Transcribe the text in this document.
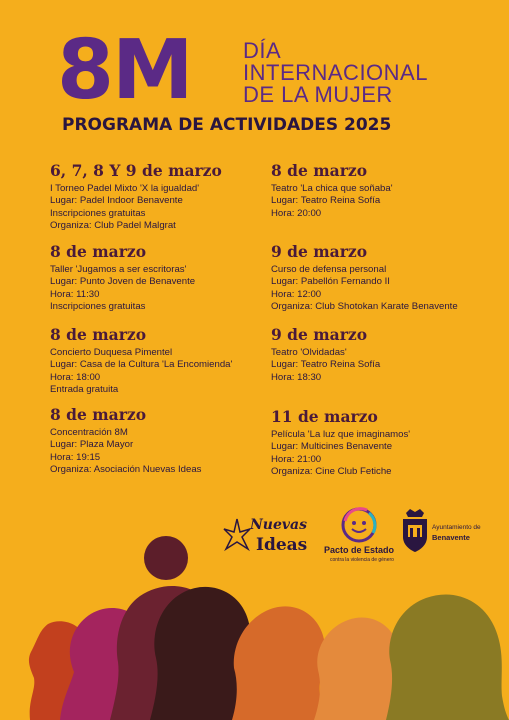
8M DÍA
INTERNACIONAL
DE LA MUJER
PROGRAMA DE ACTIVIDADES 2025
6, 7, 8 Y 9 de marzo
I Torneo Padel Mixto 'X la igualdad'
Lugar: Padel Indoor Benavente
Inscripciones gratuitas
Organiza: Club Padel Malgrat
8 de marzo
Taller 'Jugamos a ser escritoras'
Lugar: Punto Joven de Benavente
Hora: 11:30
Inscripciones gratuitas
8 de marzo
Concierto Duquesa Pimentel
Lugar: Casa de la Cultura 'La Encomienda'
Hora: 18:00
Entrada gratuita
8 de marzo
Concentración 8M
Lugar: Plaza Mayor
Hora: 19:15
Organiza: Asociación Nuevas Ideas
8 de marzo
Teatro 'La chica que soñaba'
Lugar: Teatro Reina Sofía
Hora: 20:00
9 de marzo
Curso de defensa personal
Lugar: Pabellón Fernando II
Hora: 12:00
Organiza: Club Shotokan Karate Benavente
9 de marzo
Teatro 'Olvidadas'
Lugar: Teatro Reina Sofía
Hora: 18:30
11 de marzo
Película 'La luz que imaginamos'
Lugar: Multicines Benavente
Hora: 21:00
Organiza: Cine Club Fetiche
Nuevas
Ideas Pacto de Estado
contra la violencia de género
Ayuntamiento de
Benavente
